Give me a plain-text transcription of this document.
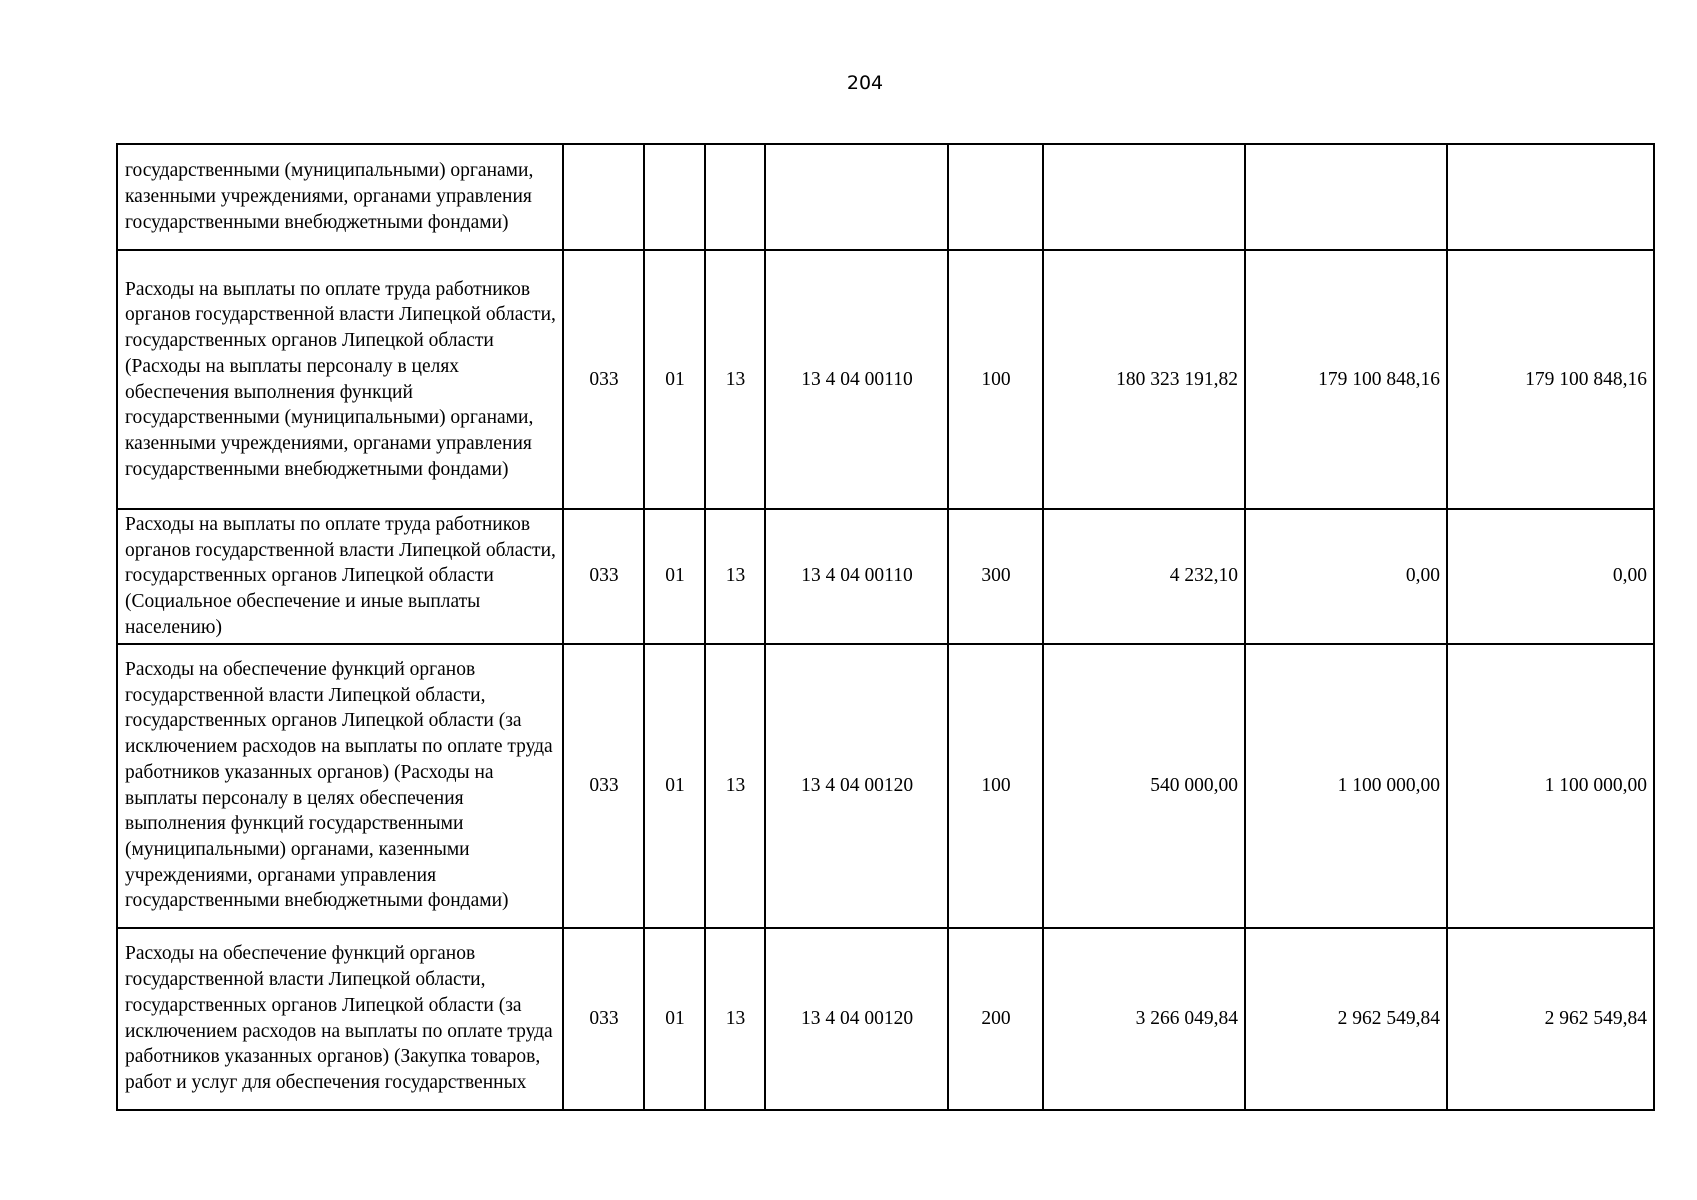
204
государственными (муниципальными) органами, казенными учреждениями, органами управления государственными внебюджетными фондами)								
Расходы на выплаты по оплате труда работников органов государственной власти Липецкой области, государственных органов Липецкой области (Расходы на выплаты персоналу в целях обеспечения выполнения функций государственными (муниципальными) органами, казенными учреждениями, органами управления государственными внебюджетными фондами)	033	01	13	13 4 04 00110	100	180 323 191,82	179 100 848,16	179 100 848,16
Расходы на выплаты по оплате труда работников органов государственной власти Липецкой области, государственных органов Липецкой области (Социальное обеспечение и иные выплаты населению)	033	01	13	13 4 04 00110	300	4 232,10	0,00	0,00
Расходы на обеспечение функций органов государственной власти Липецкой области, государственных органов Липецкой области (за исключением расходов на выплаты по оплате труда работников указанных органов) (Расходы на выплаты персоналу в целях обеспечения выполнения функций государственными (муниципальными) органами, казенными учреждениями, органами управления государственными внебюджетными фондами)	033	01	13	13 4 04 00120	100	540 000,00	1 100 000,00	1 100 000,00
Расходы на обеспечение функций органов государственной власти Липецкой области, государственных органов Липецкой области (за исключением расходов на выплаты по оплате труда работников указанных органов) (Закупка товаров, работ и услуг для обеспечения государственных	033	01	13	13 4 04 00120	200	3 266 049,84	2 962 549,84	2 962 549,84
